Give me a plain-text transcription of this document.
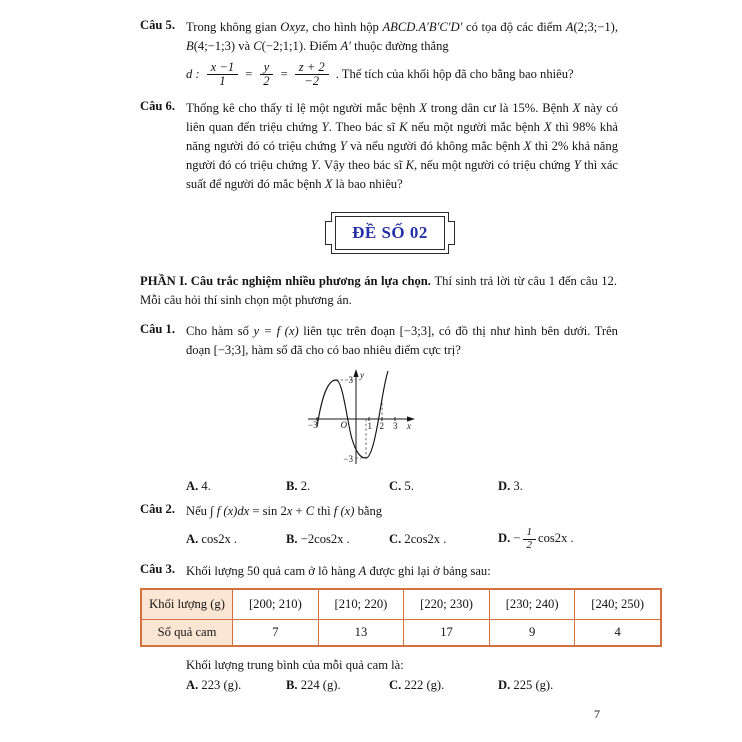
Câu 5. Trong không gian Oxyz, cho hình hộp ABCD.A′B′C′D′ có tọa độ các điểm A(2;3;−1), B(4;−1;3) và C(−2;1;1). Điểm A′ thuộc đường thẳng
d : $\frac{x -1}{1} = \frac{y}{2} = \frac{z + 2}{-2}$ . Thể tích của khối hộp đã cho bằng bao nhiêu?
Câu 6. Thống kê cho thấy tỉ lệ một người mắc bệnh X trong dân cư là 15%. Bệnh X này có liên quan đến triệu chứng Y. Theo bác sĩ K nếu một người mắc bệnh X thì 98% khả năng người đó có triệu chứng Y và nếu người đó không mắc bệnh X thì 2% khả năng người đó có triệu chứng Y. Vậy theo bác sĩ K, nếu một người có triệu chứng Y thì xác suất để người đó mắc bệnh X là bao nhiêu?
ĐỀ SỐ 02
PHẦN I. Câu trắc nghiệm nhiều phương án lựa chọn. Thí sinh trả lời từ câu 1 đến câu 12. Mỗi câu hỏi thí sinh chọn một phương án.
Câu 1. Cho hàm số y = f (x) liên tục trên đoạn [−3;3], có đồ thị như hình bên dưới. Trên đoạn [−3;3], hàm số đã cho có bao nhiêu điểm cực trị?
y
x
O
3
−3	1 2 3
−3
A. 4.	B. 2.	C. 5.	D. 3.
Câu 2. Nếu ∫ f (x)dx = sin 2x + C thì f (x) bằng
A. cos2x .	B. −2cos2x .	C. 2cos2x .	D. − $\frac{1}{2} \cos 2x$ .
Câu 3. Khối lượng 50 quả cam ở lô hàng A được ghi lại ở bảng sau:
Khối lượng (g)	[200; 210)	[210; 220)	[220; 230)	[230; 240)	[240; 250)
Số quả cam	7	13	17	9	4
Khối lượng trung bình của mỗi quả cam là:
A. 223 (g).	B. 224 (g).	C. 222 (g).	D. 225 (g).
7
